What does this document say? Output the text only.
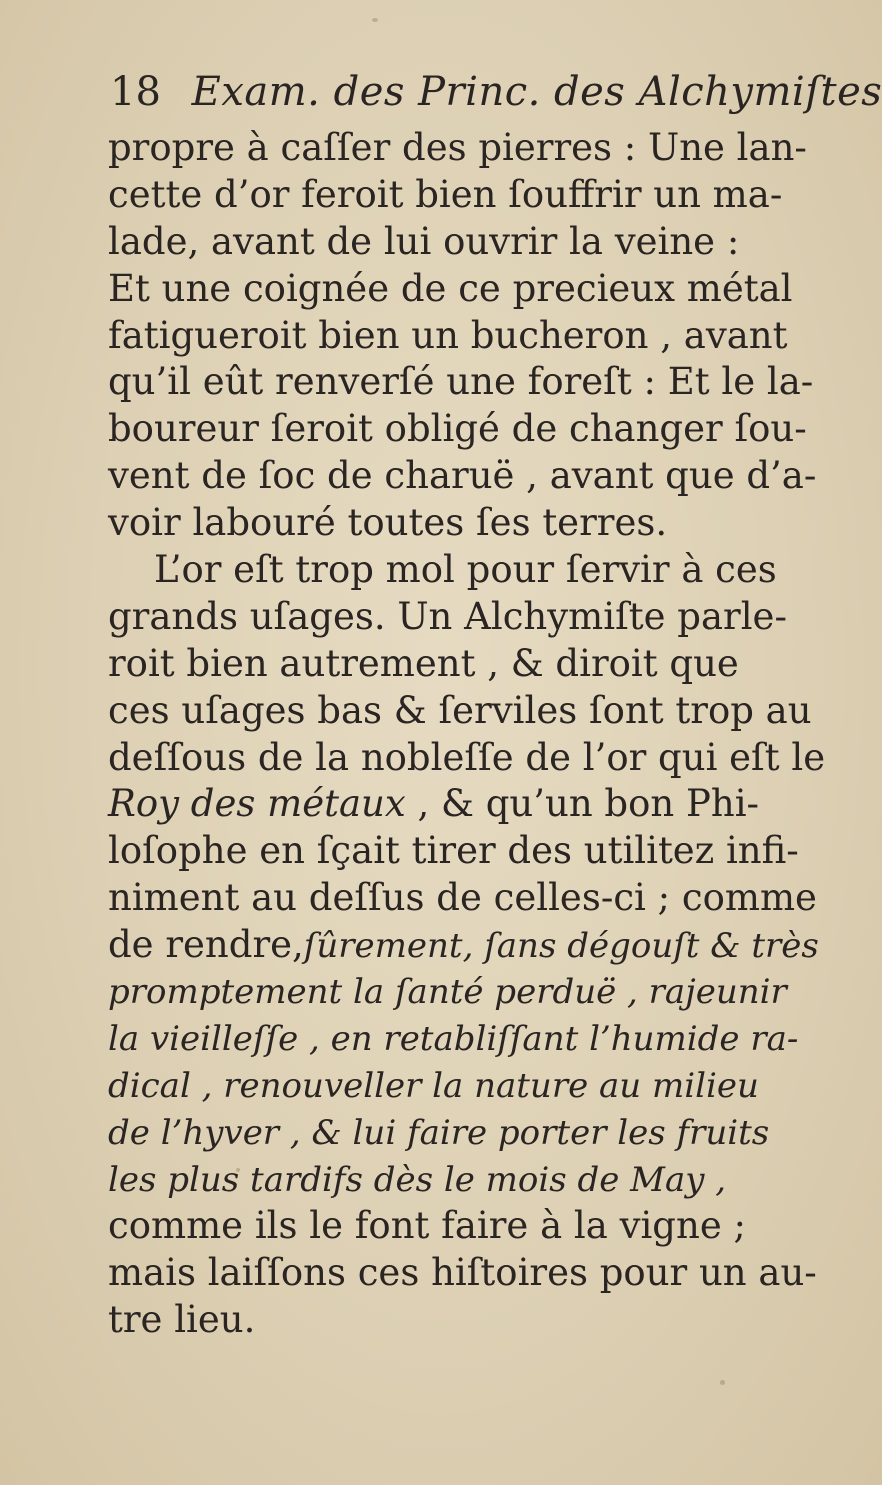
18 Exam. des Princ. des Alchymiſtes
propre à caſſer des pierres : Une lan-
cette d’or feroit bien ſouffrir un ma-
lade, avant de lui ouvrir la veine :
Et une coignée de ce precieux métal
fatigueroit bien un bucheron , avant
qu’il eût renverſé une foreſt : Et le la-
boureur ſeroit obligé de changer ſou-
vent de ſoc de charuë , avant que d’a-
voir labouré toutes ſes terres.
L’or eſt trop mol pour ſervir à ces
grands uſages. Un Alchymiſte parle-
roit bien autrement , & diroit que
ces uſages bas & ſerviles ſont trop au
deſſous de la nobleſſe de l’or qui eſt le
Roy des métaux , & qu’un bon Phi-
loſophe en ſçait tirer des utilitez infi-
niment au deſſus de celles-ci ; comme
de rendre,ſûrement, ſans dégouſt & très
promptement la ſanté perduë , rajeunir
la vieilleſſe , en retabliſſant l’humide ra-
dical , renouveller la nature au milieu
de l’hyver , & lui faire porter les fruits
les plus tardifs dès le mois de May ,
comme ils le font faire à la vigne ;
mais laiſſons ces hiſtoires pour un au-
tre lieu.
